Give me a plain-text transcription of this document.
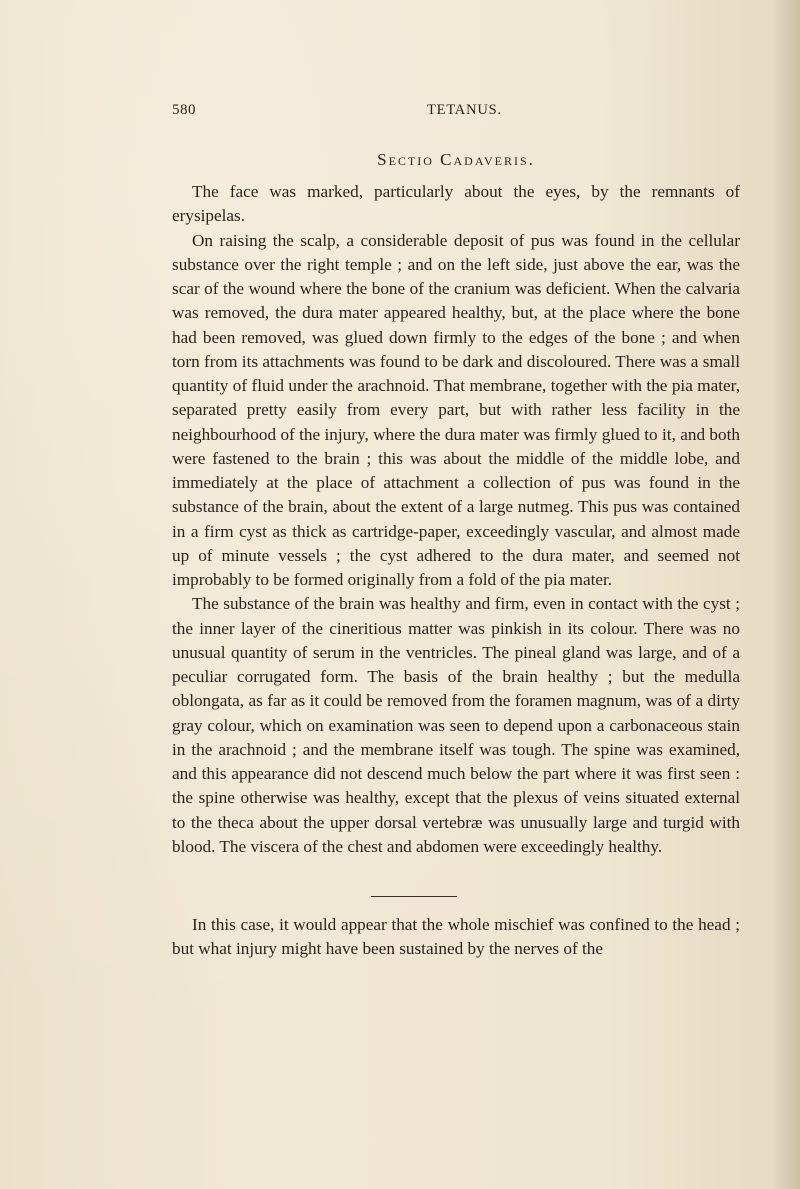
580	TETANUS.
Sectio Cadaveris.

The face was marked, particularly about the eyes, by the remnants of erysipelas.

On raising the scalp, a considerable deposit of pus was found in the cellular substance over the right temple ; and on the left side, just above the ear, was the scar of the wound where the bone of the cranium was deficient. When the calvaria was removed, the dura mater appeared healthy, but, at the place where the bone had been removed, was glued down firmly to the edges of the bone ; and when torn from its attachments was found to be dark and discoloured. There was a small quantity of fluid under the arachnoid. That membrane, together with the pia mater, separated pretty easily from every part, but with rather less facility in the neighbourhood of the injury, where the dura mater was firmly glued to it, and both were fastened to the brain ; this was about the middle of the middle lobe, and immediately at the place of attachment a collection of pus was found in the substance of the brain, about the extent of a large nutmeg. This pus was contained in a firm cyst as thick as cartridge-paper, exceedingly vascular, and almost made up of minute vessels ; the cyst adhered to the dura mater, and seemed not improbably to be formed originally from a fold of the pia mater.

The substance of the brain was healthy and firm, even in contact with the cyst ; the inner layer of the cineritious matter was pinkish in its colour. There was no unusual quantity of serum in the ventricles. The pineal gland was large, and of a peculiar corrugated form. The basis of the brain healthy ; but the medulla oblongata, as far as it could be removed from the foramen magnum, was of a dirty gray colour, which on examination was seen to depend upon a carbonaceous stain in the arachnoid ; and the membrane itself was tough. The spine was examined, and this appearance did not descend much below the part where it was first seen : the spine otherwise was healthy, except that the plexus of veins situated external to the theca about the upper dorsal vertebræ was unusually large and turgid with blood. The viscera of the chest and abdomen were exceedingly healthy.

In this case, it would appear that the whole mischief was confined to the head ; but what injury might have been sustained by the nerves of the
